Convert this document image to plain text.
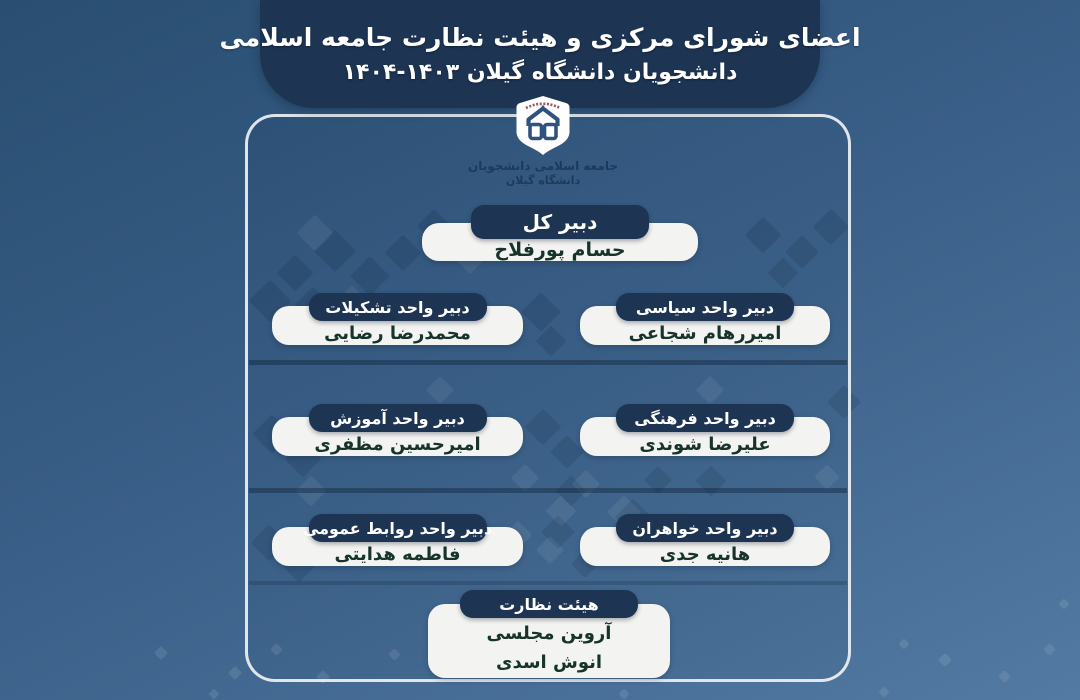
اعضای شورای مرکزی و هیئت نظارت جامعه اسلامی
دانشجویان دانشگاه گیلان ۱۴۰۳-۱۴۰۴
جامعه اسلامی دانشجویان
دانشگاه گیلان
دبیر کل
حسام پورفلاح
دبیر واحد تشکیلات
محمدرضا رضایی
دبیر واحد سیاسی
امیررهام شجاعی
دبیر واحد آموزش
امیرحسین مظفری
دبیر واحد فرهنگی
علیرضا شوندی
دبیر واحد روابط عمومی
فاطمه هدایتی
دبیر واحد خواهران
هانیه جدی
هیئت نظارت
آروین مجلسی
انوش اسدی
